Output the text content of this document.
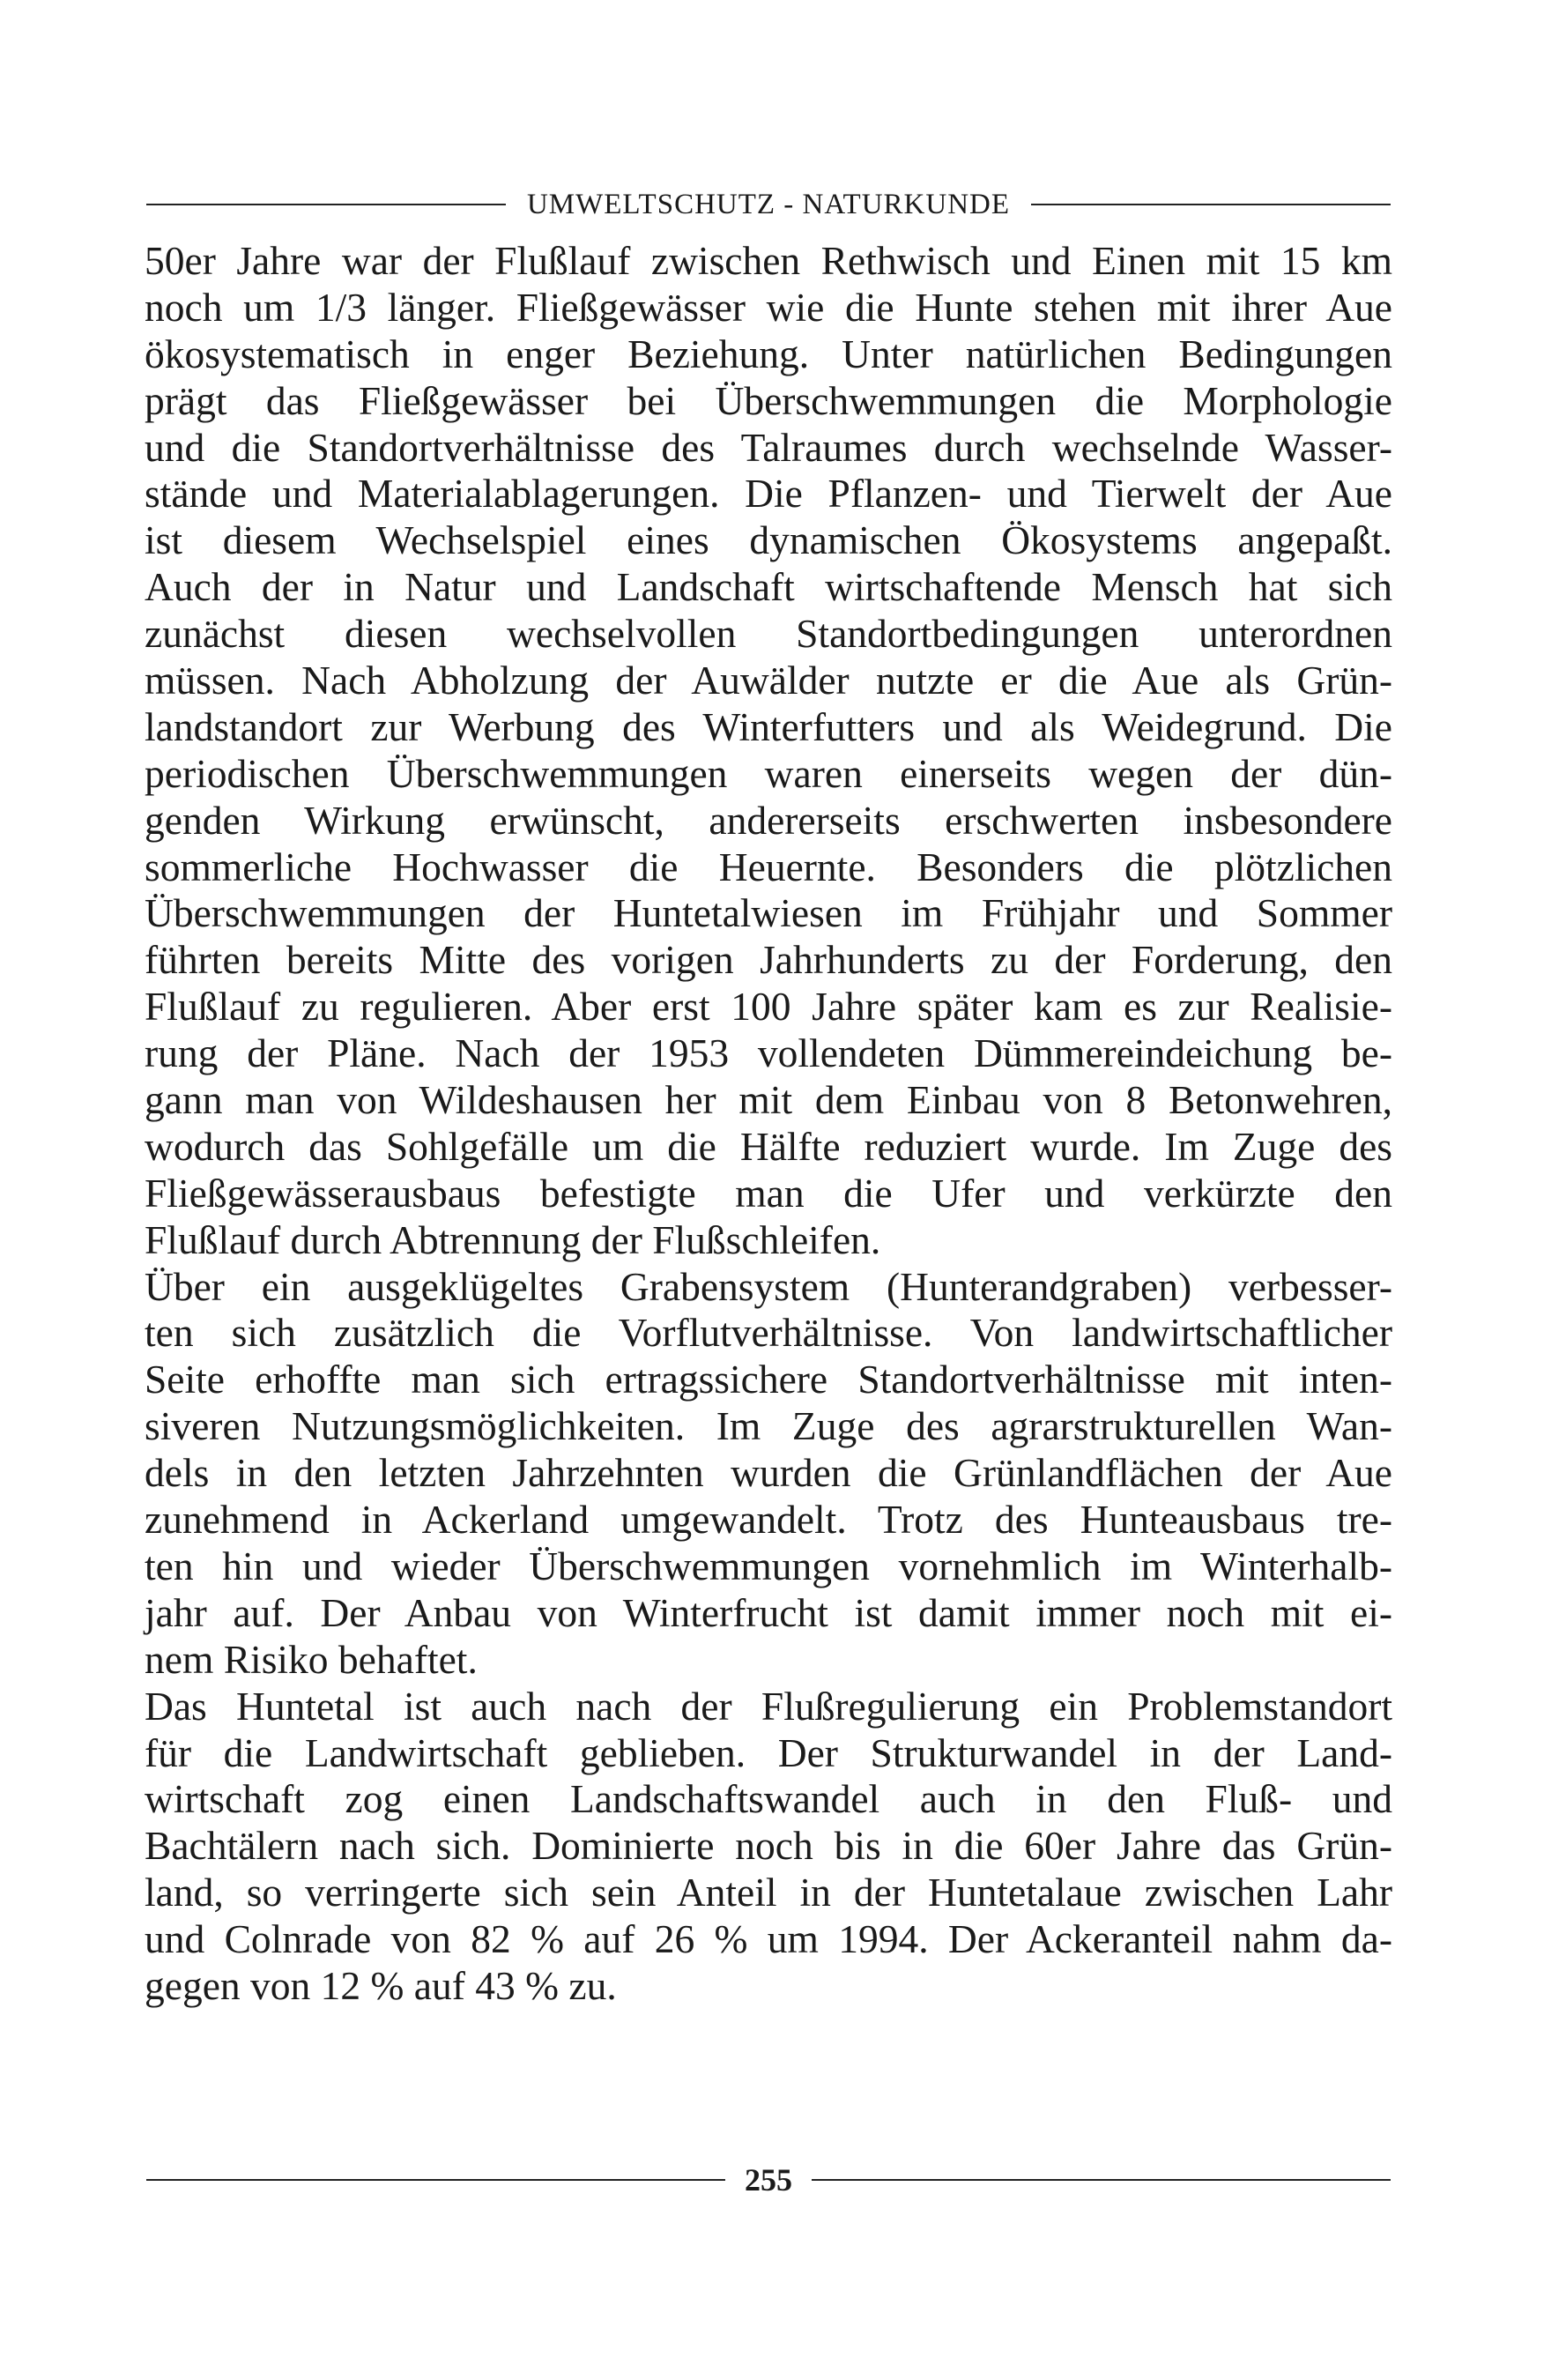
UMWELTSCHUTZ - NATURKUNDE
50er Jahre war der Flußlauf zwischen Rethwisch und Einen mit 15 km
noch um 1/3 länger. Fließgewässer wie die Hunte stehen mit ihrer Aue
ökosystematisch in enger Beziehung. Unter natürlichen Bedingungen
prägt das Fließgewässer bei Überschwemmungen die Morphologie
und die Standortverhältnisse des Talraumes durch wechselnde Wasser-
stände und Materialablagerungen. Die Pflanzen- und Tierwelt der Aue
ist diesem Wechselspiel eines dynamischen Ökosystems angepaßt.
Auch der in Natur und Landschaft wirtschaftende Mensch hat sich
zunächst diesen wechselvollen Standortbedingungen unterordnen
müssen. Nach Abholzung der Auwälder nutzte er die Aue als Grün-
landstandort zur Werbung des Winterfutters und als Weidegrund. Die
periodischen Überschwemmungen waren einerseits wegen der dün-
genden Wirkung erwünscht, andererseits erschwerten insbesondere
sommerliche Hochwasser die Heuernte. Besonders die plötzlichen
Überschwemmungen der Huntetalwiesen im Frühjahr und Sommer
führten bereits Mitte des vorigen Jahrhunderts zu der Forderung, den
Flußlauf zu regulieren. Aber erst 100 Jahre später kam es zur Realisie-
rung der Pläne. Nach der 1953 vollendeten Dümmereindeichung be-
gann man von Wildeshausen her mit dem Einbau von 8 Betonwehren,
wodurch das Sohlgefälle um die Hälfte reduziert wurde. Im Zuge des
Fließgewässerausbaus befestigte man die Ufer und verkürzte den
Flußlauf durch Abtrennung der Flußschleifen.
Über ein ausgeklügeltes Grabensystem (Hunterandgraben) verbesser-
ten sich zusätzlich die Vorflutverhältnisse. Von landwirtschaftlicher
Seite erhoffte man sich ertragssichere Standortverhältnisse mit inten-
siveren Nutzungsmöglichkeiten. Im Zuge des agrarstrukturellen Wan-
dels in den letzten Jahrzehnten wurden die Grünlandflächen der Aue
zunehmend in Ackerland umgewandelt. Trotz des Hunteausbaus tre-
ten hin und wieder Überschwemmungen vornehmlich im Winterhalb-
jahr auf. Der Anbau von Winterfrucht ist damit immer noch mit ei-
nem Risiko behaftet.
Das Huntetal ist auch nach der Flußregulierung ein Problemstandort
für die Landwirtschaft geblieben. Der Strukturwandel in der Land-
wirtschaft zog einen Landschaftswandel auch in den Fluß- und
Bachtälern nach sich. Dominierte noch bis in die 60er Jahre das Grün-
land, so verringerte sich sein Anteil in der Huntetalaue zwischen Lahr
und Colnrade von 82 % auf 26 % um 1994. Der Ackeranteil nahm da-
gegen von 12 % auf 43 % zu.
255
